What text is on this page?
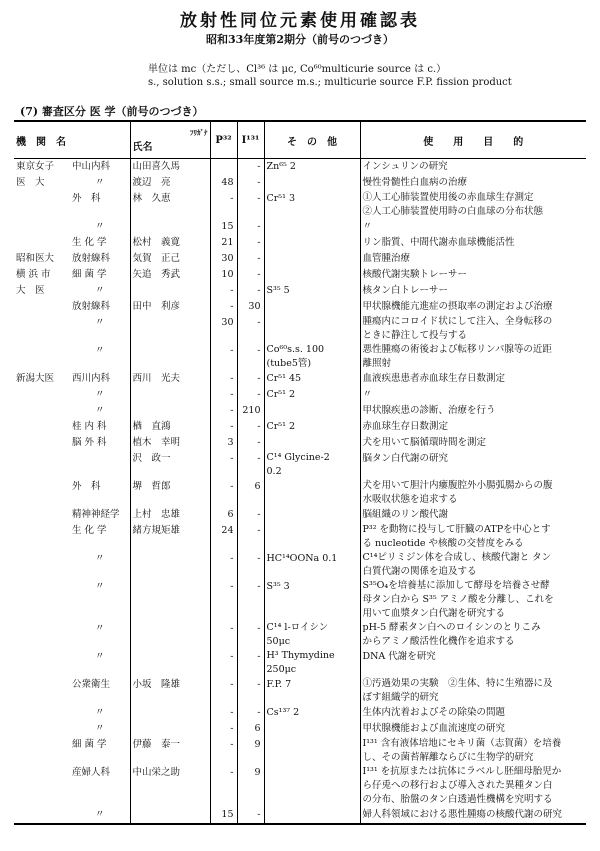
放射性同位元素使用確認表
昭和33年度第2期分（前号のつづき）
単位は mc（ただし、Cl³⁶ は μc, Co⁶⁰multicurie source は c.）
s., solution s.s.; small source m.s.; multicurie source F.P. fission product
(7) 審査区分 医 学（前号のつづき）
機　関　名		ﾌﾘｶﾞﾅ
氏名	P³²	I¹³¹	そ　の　他	使　　用　　目　　的
東京女子	中山内科	山田喜久馬		-	Zn⁶⁵ 2	インシュリンの研究
医　大	〃	渡辺　亮	48	-		慢性骨髄性白血病の治療
	外　科	林　久恵	-	-	Cr⁵¹ 3	①人工心肺装置使用後の赤血球生存測定
②人工心肺装置使用時の白血球の分布状態
	〃		15	-		〃
	生 化 学	松村　義寛	21	-		リン脂質、中間代謝赤血球機能活性
昭和医大	放射線科	気賀　正己	30	-		血管腫治療
横 浜 市	細 菌 学	矢追　秀武	10	-		核酸代謝実験トレーサー
大　医	〃		-	-	S³⁵ 5	核タン白トレーサー
	放射線科	田中　利彦	-	30		甲状腺機能亢進症の摂取率の測定および治療
	〃		30	-		腫瘍内にコロイド状にして注入、全身転移の
ときに静注して投与する
	〃		-	-	Co⁶⁰s.s. 100
(tube5管)	悪性腫瘍の術後および転移リンパ腺等の近距
離照射
新潟大医	西川内科	西川　光夫	-	-	Cr⁵¹ 45	血液疾患患者赤血球生存日数測定
	〃		-	-	Cr⁵¹ 2	〃
	〃		-	210		甲状腺疾患の診断、治療を行う
	桂 内 科	楢　直鴻	-	-	Cr⁵¹ 2	赤血球生存日数測定
	脳 外 科	植木　幸明	3	-		犬を用いて脳循環時間を測定
		沢　政一	-	-	C¹⁴ Glycine-2
0.2	脳タン白代謝の研究
	外　科	堺　哲郎	-	6		犬を用いて胆汁内瘻腹腔外小腸弧腸からの腹
水吸収状態を追求する
	精神神経学	上村　忠雄	6	-		脳組織のリン酸代謝
	生 化 学	緒方規矩雄	24	-		P³² を動物に投与して肝臓のATPを中心とす
る nucleotide や核酸の交替度をみる
	〃		-	-	HC¹⁴OONa 0.1	C¹⁴ピリミジン体を合成し、核酸代謝と タン
白質代謝の関係を追及する
	〃		-	-	S³⁵ 3	S³⁵O₄を培養基に添加して酵母を培養させ酵
母タン白から S³⁵ アミノ酸を分離し、これを
用いて血漿タン白代謝を研究する
	〃		-	-	C¹⁴ l-ロイシン
50μc	pH-5 酵素タン白へのロイシンのとりこみ
からアミノ酸活性化機作を追求する
	〃		-	-	H³ Thymydine
250μc	DNA 代謝を研究
	公衆衛生	小坂　隆雄	-	-	F.P. 7	①汚過効果の実験　②生体、特に生殖器に及
ぼす組織学的研究
	〃		-	-	Cs¹³⁷ 2	生体内沈着およびその除染の問題
	〃		-	6		甲状腺機能および血流速度の研究
	細 菌 学	伊藤　泰一	-	9		I¹³¹ 含有液体培地にセキリ菌（志賀菌）を培養
し、その菌苔解離ならびに生物学的研究
	産婦人科	中山栄之助	-	9		I¹³¹ を抗原または抗体にラベルし胚細母胎児か
ら仔兎への移行および導入された異種タン白
の分布、胎盤のタン白透過性機構を究明する
	〃		15	-		婦人科領域における悪性腫瘍の核酸代謝の研究
